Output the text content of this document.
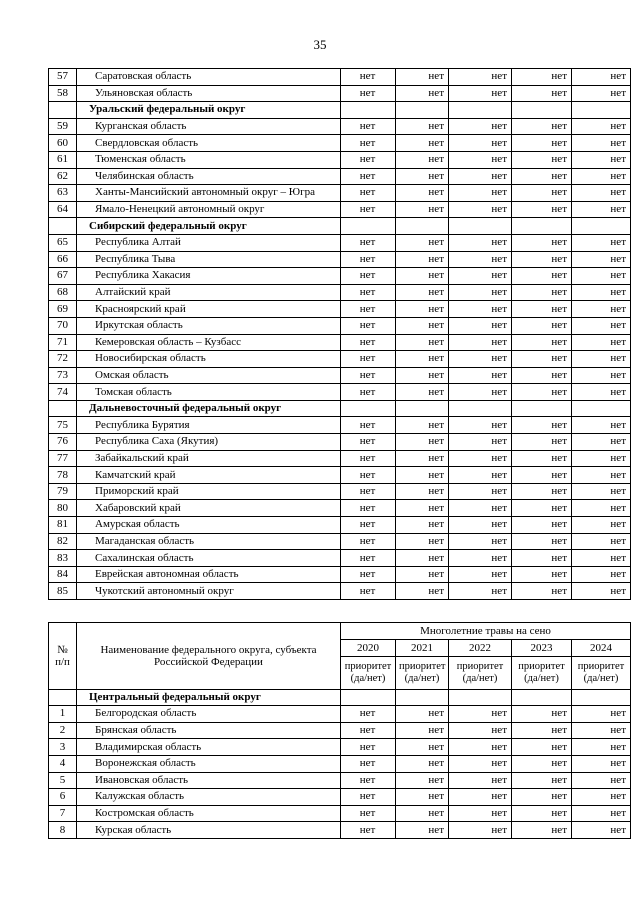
35
57	Саратовская область	нет	нет	нет	нет	нет
58	Ульяновская область	нет	нет	нет	нет	нет
	Уральский федеральный округ					
59	Курганская область	нет	нет	нет	нет	нет
60	Свердловская область	нет	нет	нет	нет	нет
61	Тюменская область	нет	нет	нет	нет	нет
62	Челябинская область	нет	нет	нет	нет	нет
63	Ханты-Мансийский автономный округ – Югра	нет	нет	нет	нет	нет
64	Ямало-Ненецкий автономный округ	нет	нет	нет	нет	нет
	Сибирский федеральный округ					
65	Республика Алтай	нет	нет	нет	нет	нет
66	Республика Тыва	нет	нет	нет	нет	нет
67	Республика Хакасия	нет	нет	нет	нет	нет
68	Алтайский край	нет	нет	нет	нет	нет
69	Красноярский край	нет	нет	нет	нет	нет
70	Иркутская область	нет	нет	нет	нет	нет
71	Кемеровская область – Кузбасс	нет	нет	нет	нет	нет
72	Новосибирская область	нет	нет	нет	нет	нет
73	Омская область	нет	нет	нет	нет	нет
74	Томская область	нет	нет	нет	нет	нет
	Дальневосточный федеральный округ					
75	Республика Бурятия	нет	нет	нет	нет	нет
76	Республика Саха (Якутия)	нет	нет	нет	нет	нет
77	Забайкальский край	нет	нет	нет	нет	нет
78	Камчатский край	нет	нет	нет	нет	нет
79	Приморский край	нет	нет	нет	нет	нет
80	Хабаровский край	нет	нет	нет	нет	нет
81	Амурская область	нет	нет	нет	нет	нет
82	Магаданская область	нет	нет	нет	нет	нет
83	Сахалинская область	нет	нет	нет	нет	нет
84	Еврейская автономная область	нет	нет	нет	нет	нет
85	Чукотский автономный округ	нет	нет	нет	нет	нет
№
п/п	Наименование федерального округа, субъекта Российской Федерации	Многолетние травы на сено				
		2020	2021	2022	2023	2024
		приоритет (да/нет)	приоритет (да/нет)	приоритет (да/нет)	приоритет (да/нет)	приоритет (да/нет)
	Центральный федеральный округ					
1	Белгородская область	нет	нет	нет	нет	нет
2	Брянская область	нет	нет	нет	нет	нет
3	Владимирская область	нет	нет	нет	нет	нет
4	Воронежская область	нет	нет	нет	нет	нет
5	Ивановская область	нет	нет	нет	нет	нет
6	Калужская область	нет	нет	нет	нет	нет
7	Костромская область	нет	нет	нет	нет	нет
8	Курская область	нет	нет	нет	нет	нет
